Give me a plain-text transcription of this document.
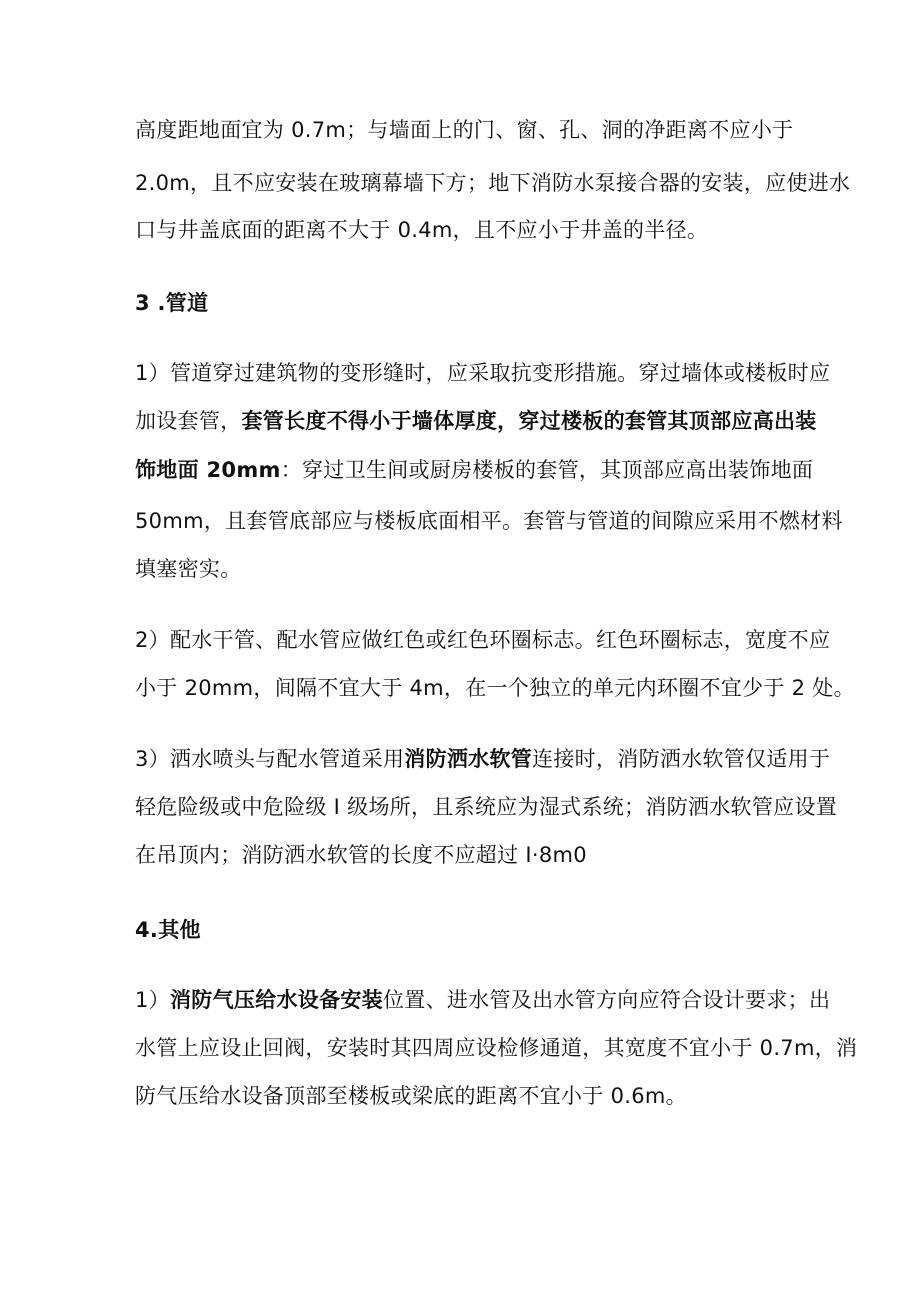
高度距地面宜为 0.7m；与墙面上的门、窗、孔、洞的净距离不应小于
2.0m，且不应安装在玻璃幕墙下方；地下消防水泵接合器的安装，应使进水
口与井盖底面的距离不大于 0.4m，且不应小于井盖的半径。
3 .管道
1）管道穿过建筑物的变形缝时，应采取抗变形措施。穿过墙体或楼板时应
加设套管，套管长度不得小于墙体厚度，穿过楼板的套管其顶部应高出装
饰地面 20mm：穿过卫生间或厨房楼板的套管，其顶部应高出装饰地面
50mm，且套管底部应与楼板底面相平。套管与管道的间隙应采用不燃材料
填塞密实。
2）配水干管、配水管应做红色或红色环圈标志。红色环圈标志，宽度不应
小于 20mm，间隔不宜大于 4m，在一个独立的单元内环圈不宜少于 2 处。
3）洒水喷头与配水管道采用消防洒水软管连接时，消防洒水软管仅适用于
轻危险级或中危险级 I 级场所，且系统应为湿式系统；消防洒水软管应设置
在吊顶内；消防洒水软管的长度不应超过 I·8m0
4.其他
1）消防气压给水设备安装位置、进水管及出水管方向应符合设计要求；出
水管上应设止回阀，安装时其四周应设检修通道，其宽度不宜小于 0.7m，消
防气压给水设备顶部至楼板或梁底的距离不宜小于 0.6m。
